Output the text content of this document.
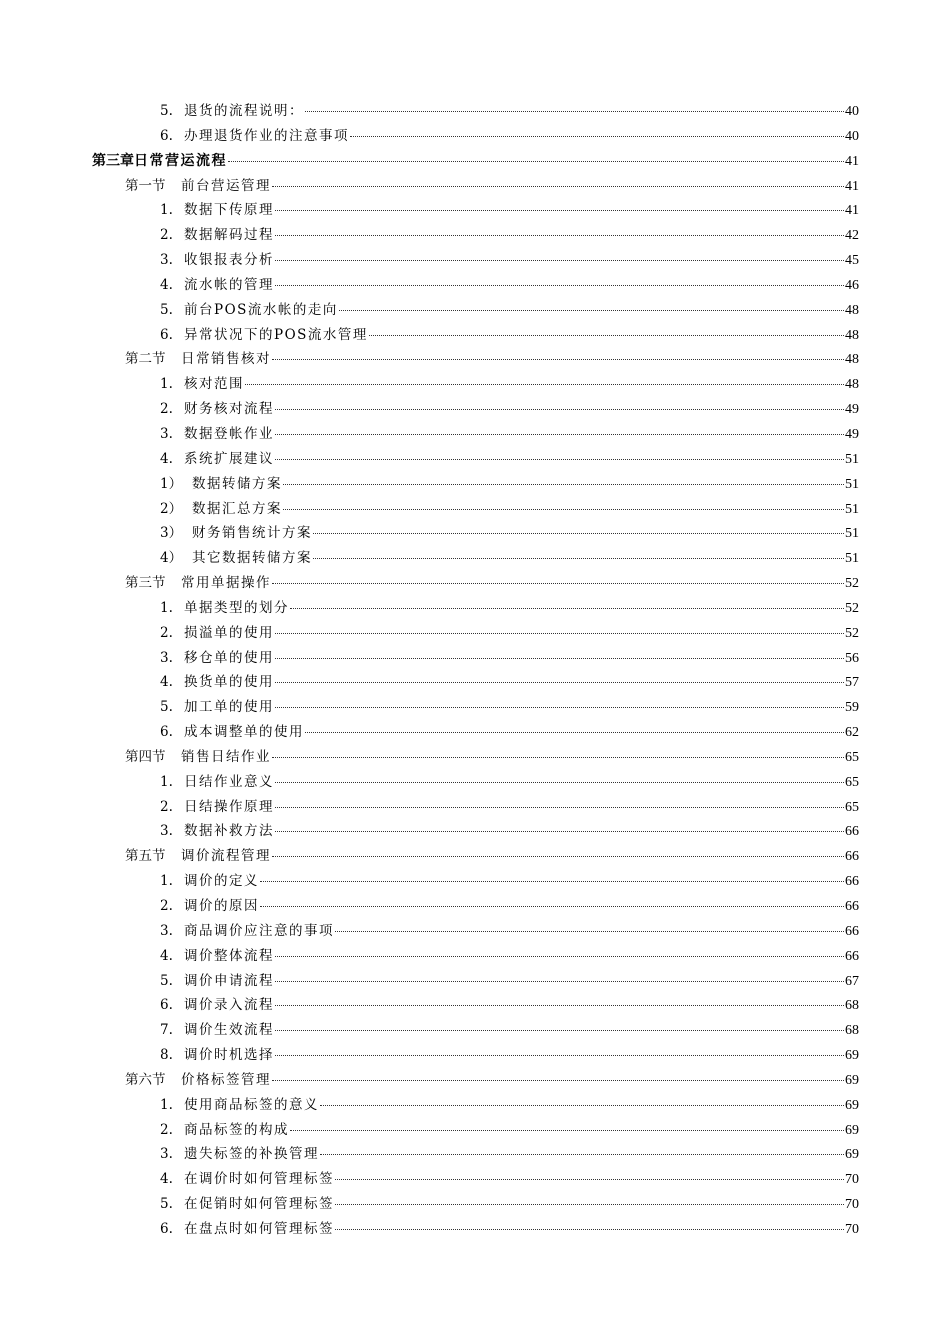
5. 退货的流程说明：	40
6. 办理退货作业的注意事项	40
第三章 日常营运流程	41
第一节	前台营运管理	41
1. 数据下传原理	41
2. 数据解码过程	42
3. 收银报表分析	45
4. 流水帐的管理	46
5. 前台POS流水帐的走向	48
6. 异常状况下的POS流水管理	48
第二节	日常销售核对	48
1. 核对范围	48
2. 财务核对流程	49
3. 数据登帐作业	49
4. 系统扩展建议	51
1） 数据转储方案	51
2） 数据汇总方案	51
3） 财务销售统计方案	51
4） 其它数据转储方案	51
第三节	常用单据操作	52
1. 单据类型的划分	52
2. 损溢单的使用	52
3. 移仓单的使用	56
4. 换货单的使用	57
5. 加工单的使用	59
6. 成本调整单的使用	62
第四节	销售日结作业	65
1. 日结作业意义	65
2. 日结操作原理	65
3. 数据补救方法	66
第五节	调价流程管理	66
1. 调价的定义	66
2. 调价的原因	66
3. 商品调价应注意的事项	66
4. 调价整体流程	66
5. 调价申请流程	67
6. 调价录入流程	68
7. 调价生效流程	68
8. 调价时机选择	69
第六节	价格标签管理	69
1. 使用商品标签的意义	69
2. 商品标签的构成	69
3. 遗失标签的补换管理	69
4. 在调价时如何管理标签	70
5. 在促销时如何管理标签	70
6. 在盘点时如何管理标签	70
